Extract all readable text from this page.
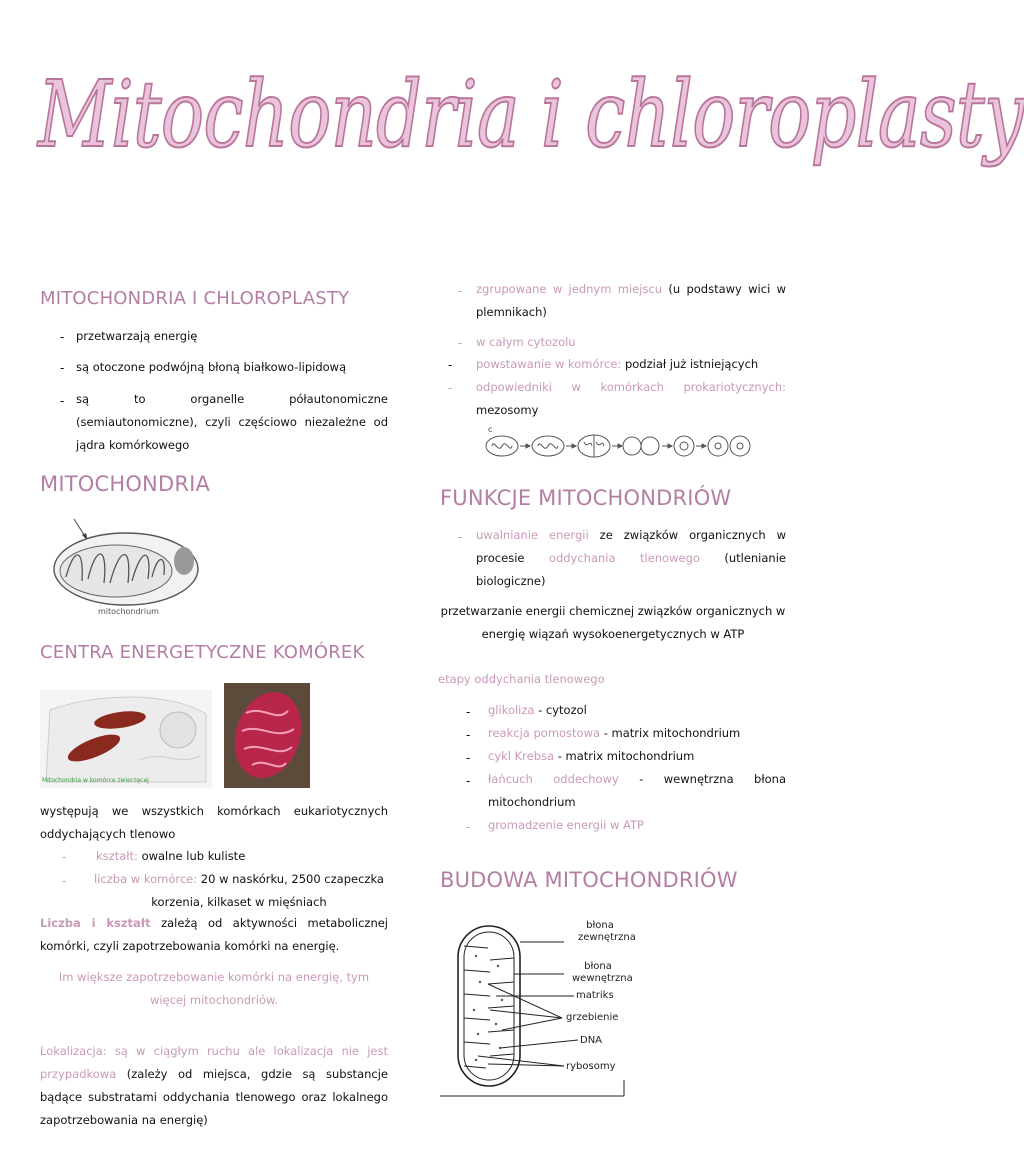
Mitochondria i chloroplasty
MITOCHONDRIA I CHLOROPLASTY
- przetwarzają energię
- są otoczone podwójną błoną białkowo-lipidową
- są to organelle półautonomiczne (semiautonomiczne), czyli częściowo niezależne od jądra komórkowego
MITOCHONDRIA
mitochondrium
CENTRA ENERGETYCZNE KOMÓREK
Mitochondria w komórce zwierzęcej
występują we wszystkich komórkach eukariotycznych oddychających tlenowo
-	kształt: owalne lub kuliste
-	liczba w komórce: 20 w naskórku, 2500 czapeczka korzenia, kilkaset w mięśniach
Liczba i kształt zależą od aktywności metabolicznej komórki, czyli zapotrzebowania komórki na energię.
Im większe zapotrzebowanie komórki na energię, tym więcej mitochondriów.
Lokalizacja: są w ciągłym ruchu ale lokalizacja nie jest przypadkowa (zależy od miejsca, gdzie są substancje bądące substratami oddychania tlenowego oraz lokalnego zapotrzebowania na energię)
- zgrupowane w jednym miejscu (u podstawy wici w plemnikach)
- w całym cytozolu
- powstawanie w komórce: podział już istniejących
- odpowiedniki w komórkach prokariotycznych: mezosomy
c
FUNKCJE MITOCHONDRIÓW
- uwalnianie energii ze związków organicznych w procesie oddychania tlenowego (utlenianie biologiczne)
przetwarzanie energii chemicznej związków organicznych w energię wiązań wysokoenergetycznych w ATP
etapy oddychania tlenowego
- glikoliza - cytozol
- reakcja pomostowa - matrix mitochondrium
- cykl Krebsa - matrix mitochondrium
- łańcuch oddechowy - wewnętrzna błona mitochondrium
- gromadzenie energii w ATP
BUDOWA MITOCHONDRIÓW
błona
zewnętrzna
błona
wewnętrzna
matriks
grzebienie
DNA
rybosomy
